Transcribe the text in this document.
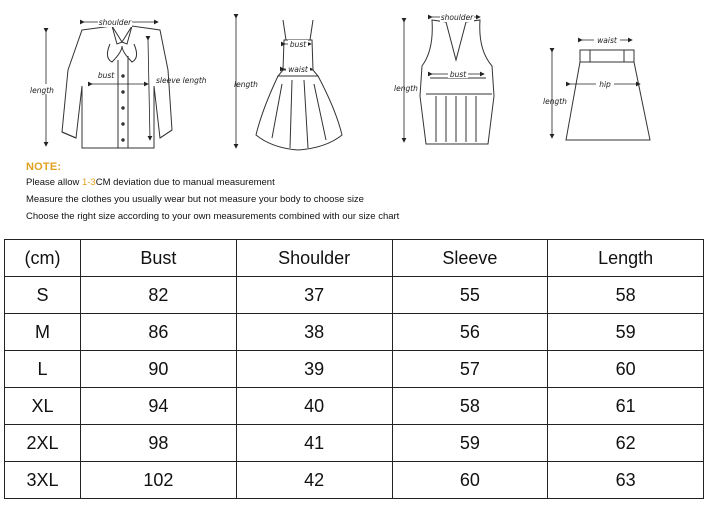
shoulder
length
bust
sleeve length
bust
waist
length
shoulder
bust
length
waist
hip
length
NOTE:
Please allow 1-3CM deviation due to manual measurement
Measure the clothes you usually wear but not measure your body to choose size
Choose the right size according to your own measurements combined with our size chart
(cm)	Bust	Shoulder	Sleeve	Length
S	82	37	55	58
M	86	38	56	59
L	90	39	57	60
XL	94	40	58	61
2XL	98	41	59	62
3XL	102	42	60	63
